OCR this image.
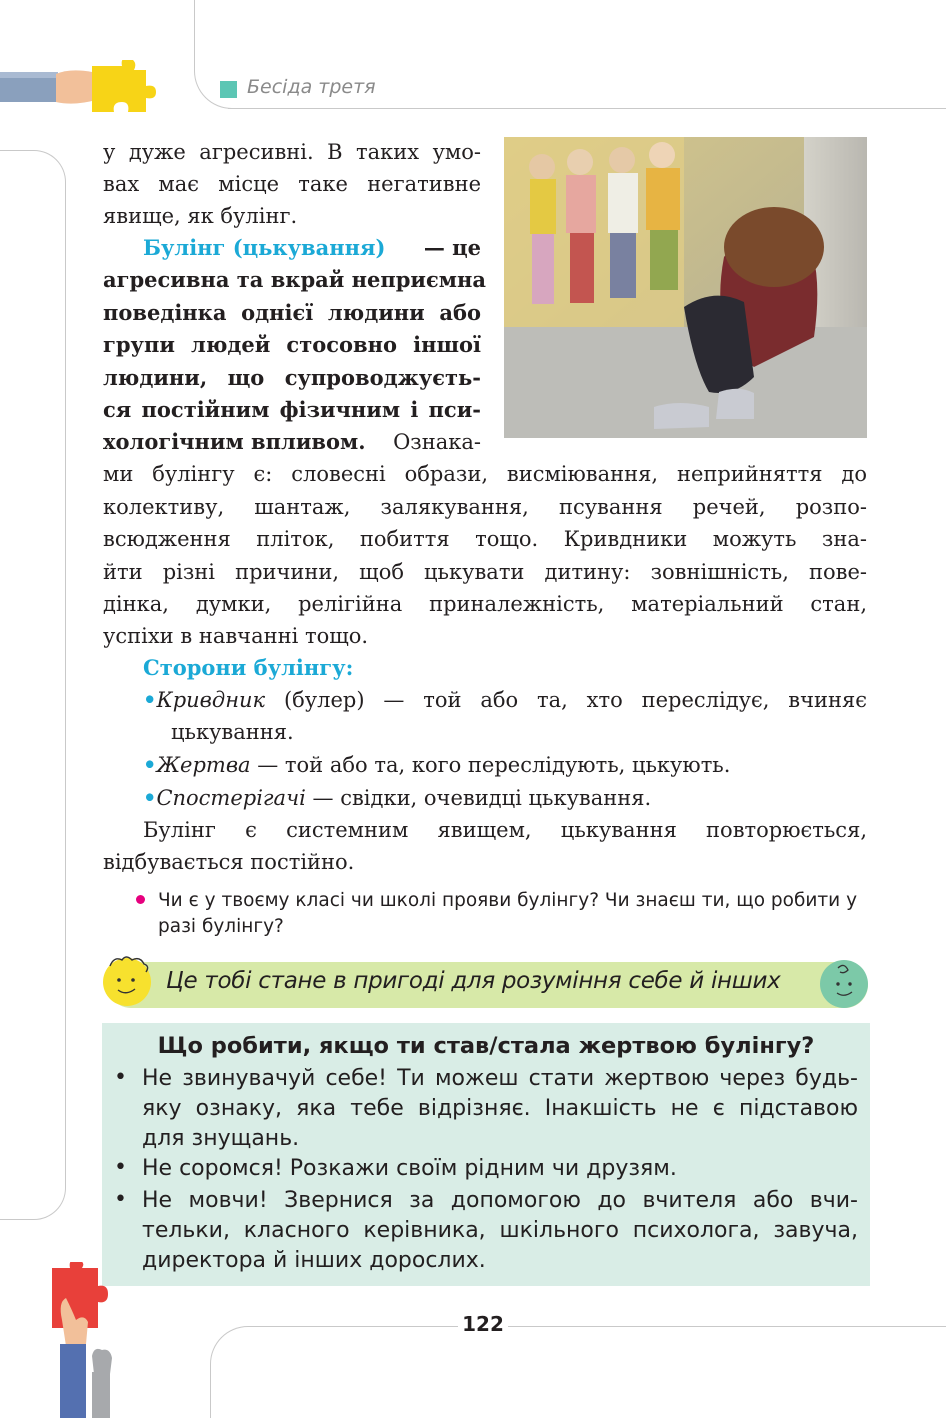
Бесіда третя
у дуже агресивні. В таких умо-
вах має місце таке негативне
явище, як булінг.
Булінг (цькування) — це
агресивна та вкрай неприємна
поведінка однієї людини або
групи людей стосовно іншої
людини, що супроводжуєть-
ся постійним фізичним і пси-
хологічним впливом. Ознака-
ми булінгу є: словесні образи, висміювання, неприйняття до
колективу, шантаж, залякування, псування речей, розпо-
всюдження пліток, побиття тощо. Кривдники можуть зна-
йти різні причини, щоб цькувати дитину: зовнішність, пове-
дінка, думки, релігійна приналежність, матеріальний стан,
успіхи в навчанні тощо.
Сторони булінгу:
• Кривдник (булер) — той або та, хто переслідує, вчиняє
цькування.
•Жертва — той або та, кого переслідують, цькують.
•Спостерігачі — свідки, очевидці цькування.
Булінг є системним явищем, цькування повторюється,
відбувається постійно.
Чи є у твоєму класі чи школі прояви булінгу? Чи знаєш ти, що робити у разі булінгу?
Це тобі стане в пригоді для розуміння себе й інших
Що робити, якщо ти став/стала жертвою булінгу?
• Не звинувачуй себе! Ти можеш стати жертвою через будь-
яку ознаку, яка тебе відрізняє. Інакшість не є підставою
для знущань.
• Не соромся! Розкажи своїм рідним чи друзям.
• Не мовчи! Звернися за допомогою до вчителя або вчи-
тельки, класного керівника, шкільного психолога, завуча,
директора й інших дорослих.
122
